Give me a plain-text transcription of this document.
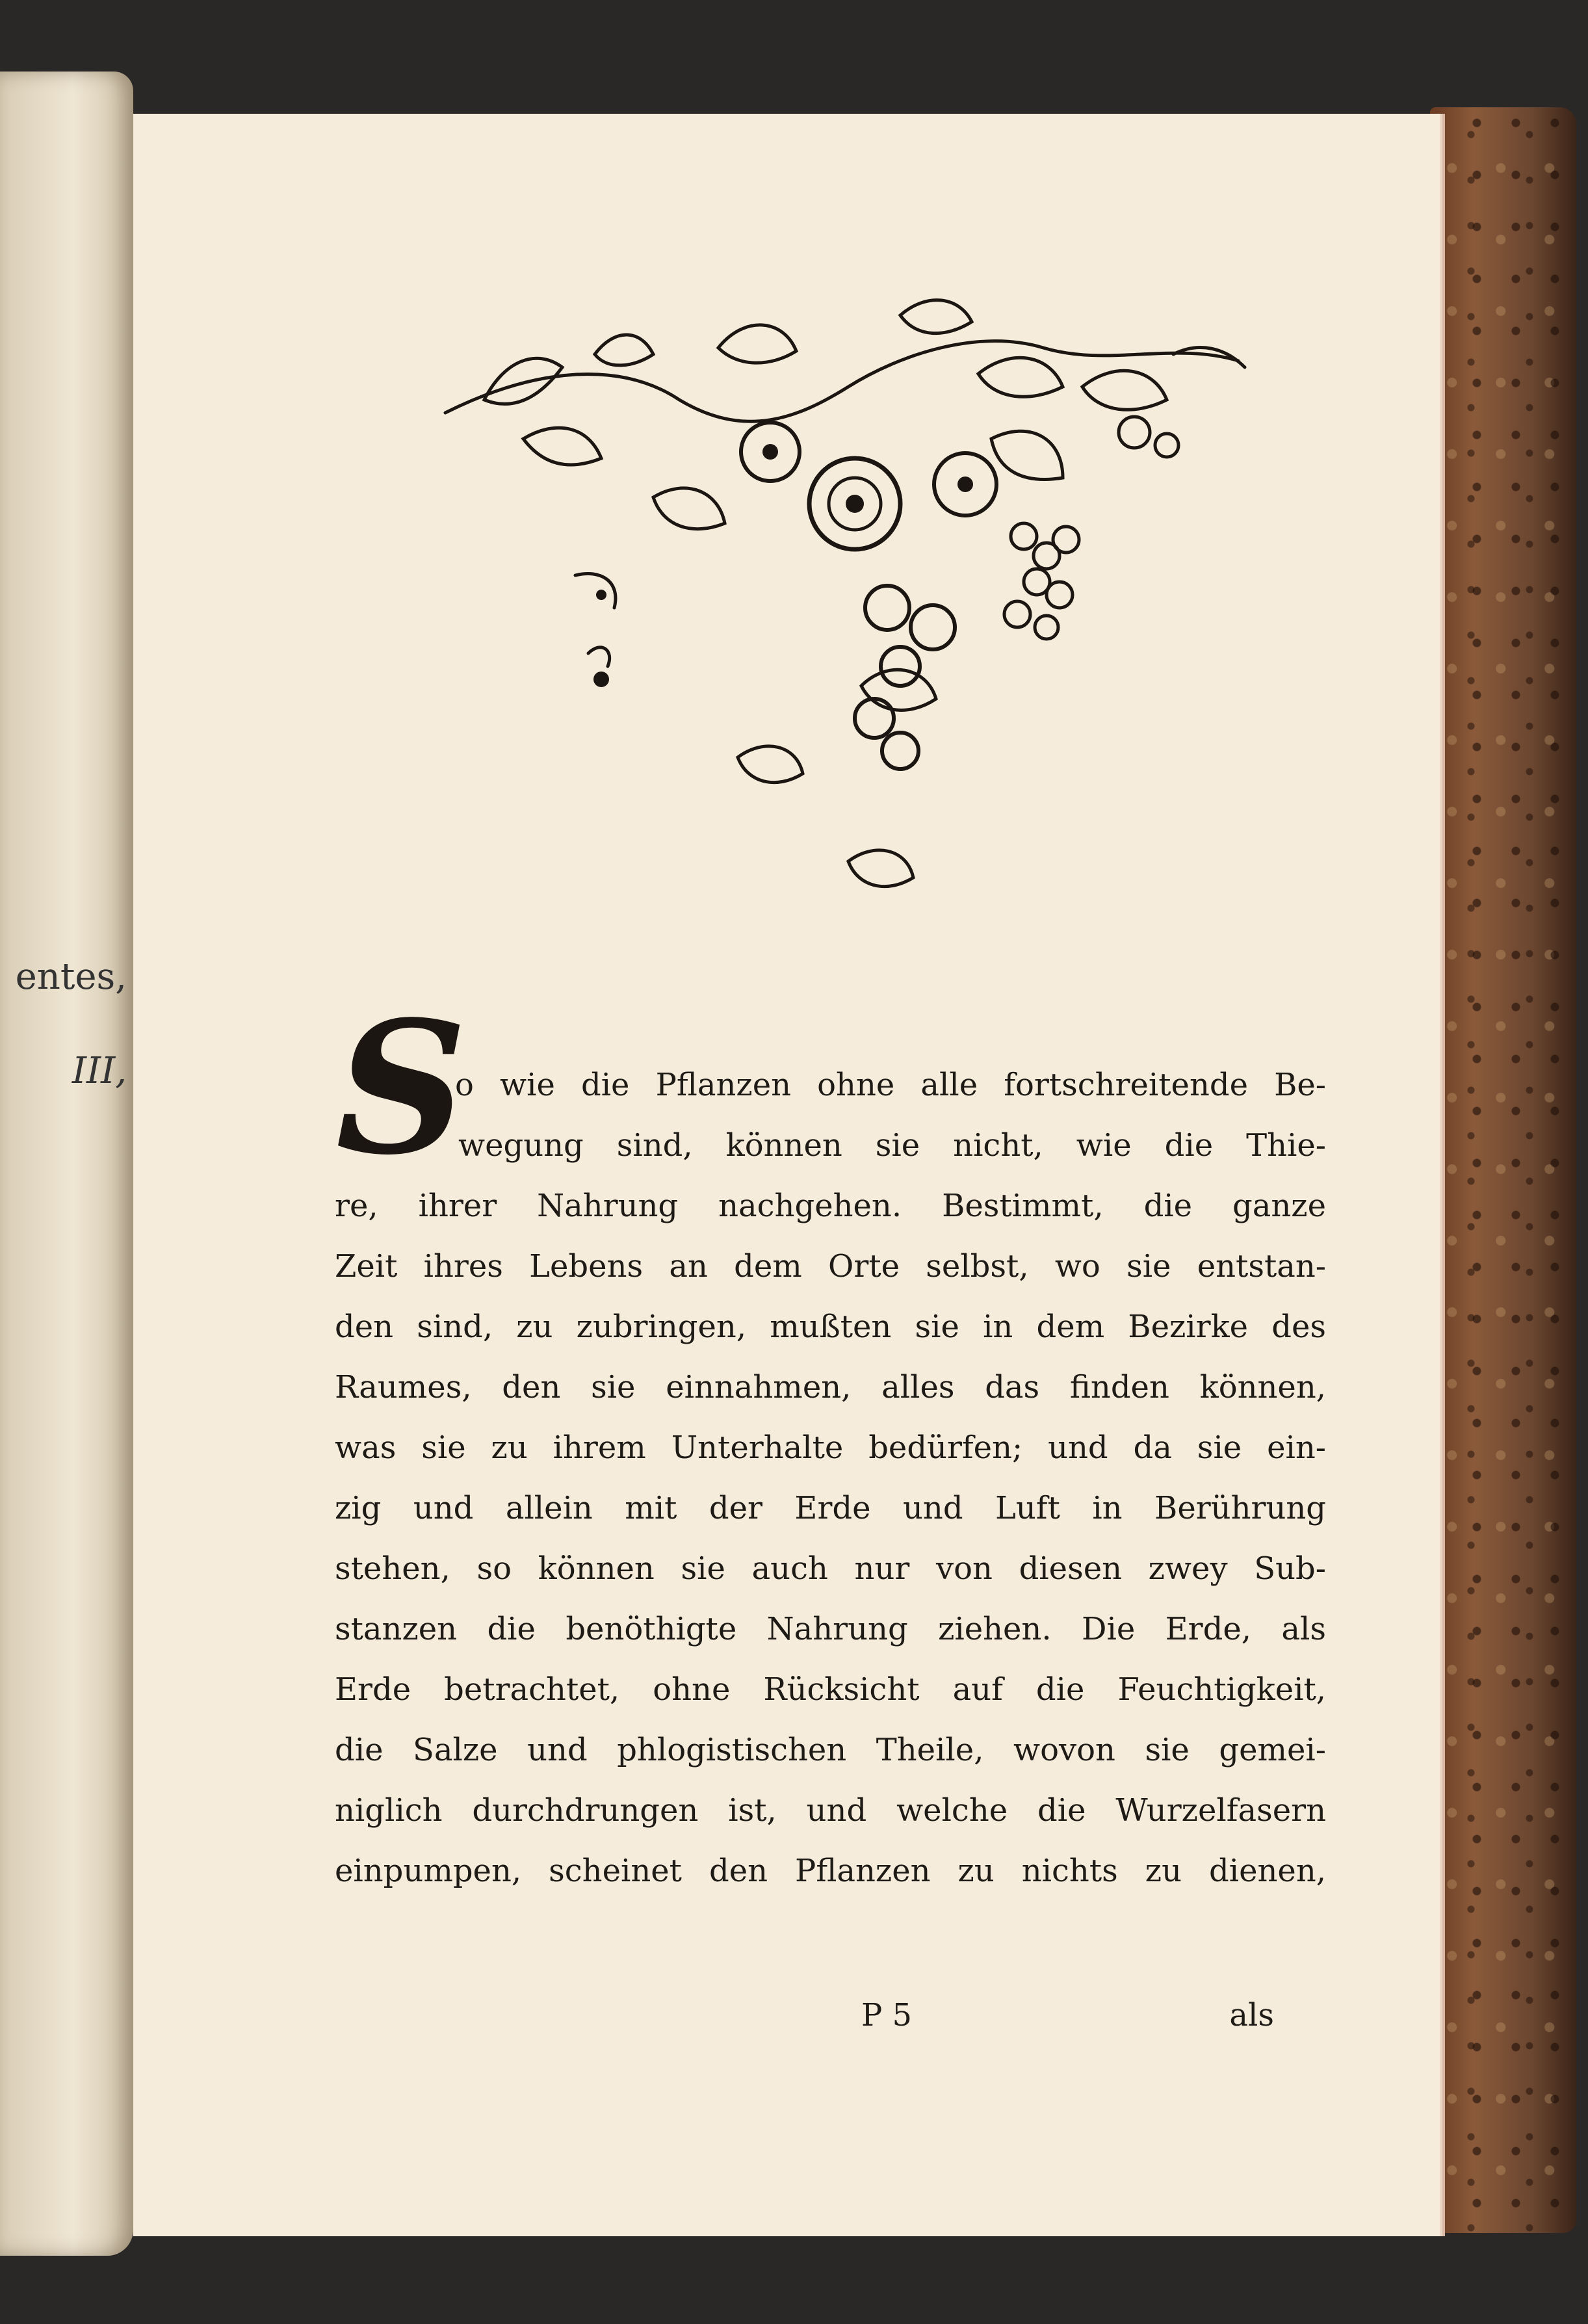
entes,
III, S
o wie die Pflanzen ohne alle fortschreitende Be-
wegung sind, können sie nicht, wie die Thie-
re, ihrer Nahrung nachgehen. Bestimmt, die ganze
Zeit ihres Lebens an dem Orte selbst, wo sie entstan-
den sind, zu zubringen, mußten sie in dem Bezirke des
Raumes, den sie einnahmen, alles das finden können,
was sie zu ihrem Unterhalte bedürfen; und da sie ein-
zig und allein mit der Erde und Luft in Berührung
stehen, so können sie auch nur von diesen zwey Sub-
stanzen die benöthigte Nahrung ziehen. Die Erde, als
Erde betrachtet, ohne Rücksicht auf die Feuchtigkeit,
die Salze und phlogistischen Theile, wovon sie gemei-
niglich durchdrungen ist, und welche die Wurzelfasern
einpumpen, scheinet den Pflanzen zu nichts zu dienen,
P 5	als
